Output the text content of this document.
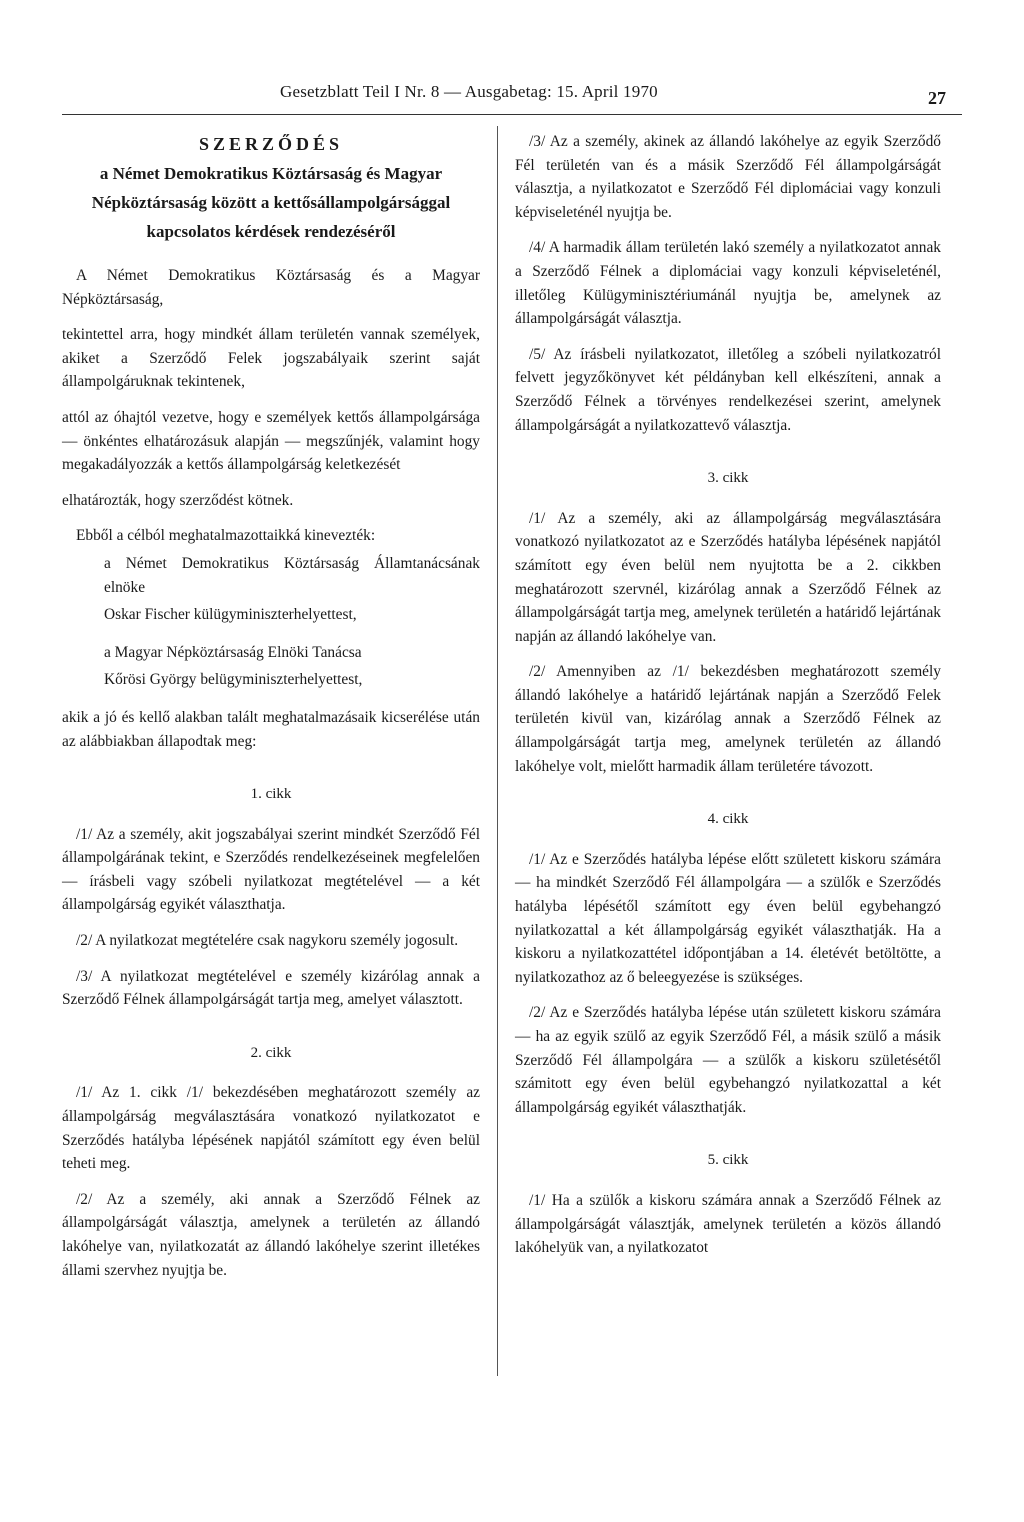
Gesetzblatt Teil I Nr. 8 — Ausgabetag: 15. April 1970	27
SZERZŐDÉS
a Német Demokratikus Köztársaság és Magyar
Népköztársaság között a kettősállampolgársággal
kapcsolatos kérdések rendezéséről

A Német Demokratikus Köztársaság és a Magyar Népköztársaság,

tekintettel arra, hogy mindkét állam területén vannak személyek, akiket a Szerződő Felek jogszabályaik szerint saját állampolgáruknak tekintenek,

attól az óhajtól vezetve, hogy e személyek kettős állampolgársága — önkéntes elhatározásuk alapján — megszűnjék, valamint hogy megakadályozzák a kettős állampolgárság keletkezését

elhatározták, hogy szerződést kötnek.

Ebből a célból meghatalmazottaikká kinevezték:

a Német Demokratikus Köztársaság Államtanácsának elnöke

Oskar Fischer külügyminiszterhelyettest,

a Magyar Népköztársaság Elnöki Tanácsa

Kőrösi György belügyminiszterhelyettest,

akik a jó és kellő alakban talált meghatalmazásaik kicserélése után az alábbiakban állapodtak meg:

1. cikk

/1/ Az a személy, akit jogszabályai szerint mindkét Szerződő Fél állampolgárának tekint, e Szerződés rendelkezéseinek megfelelően — írásbeli vagy szóbeli nyilatkozat megtételével — a két állampolgárság egyikét választhatja.

/2/ A nyilatkozat megtételére csak nagykoru személy jogosult.

/3/ A nyilatkozat megtételével e személy kizárólag annak a Szerződő Félnek állampolgárságát tartja meg, amelyet választott.

2. cikk

/1/ Az 1. cikk /1/ bekezdésében meghatározott személy az állampolgárság megválasztására vonatkozó nyilatkozatot e Szerződés hatályba lépésének napjától számított egy éven belül teheti meg.

/2/ Az a személy, aki annak a Szerződő Félnek az állampolgárságát választja, amelynek a területén az állandó lakóhelye van, nyilatkozatát az állandó lakóhelye szerint illetékes állami szervhez nyujtja be.

/3/ Az a személy, akinek az állandó lakóhelye az egyik Szerződő Fél területén van és a másik Szerződő Fél állampolgárságát választja, a nyilatkozatot e Szerződő Fél diplomáciai vagy konzuli képviseleténél nyujtja be.

/4/ A harmadik állam területén lakó személy a nyilatkozatot annak a Szerződő Félnek a diplomáciai vagy konzuli képviseleténél, illetőleg Külügyminisztériumánál nyujtja be, amelynek az állampolgárságát választja.

/5/ Az írásbeli nyilatkozatot, illetőleg a szóbeli nyilatkozatról felvett jegyzőkönyvet két példányban kell elkészíteni, annak a Szerződő Félnek a törvényes rendelkezései szerint, amelynek állampolgárságát a nyilatkozattevő választja.

3. cikk

/1/ Az a személy, aki az állampolgárság megválasztására vonatkozó nyilatkozatot az e Szerződés hatályba lépésének napjától számított egy éven belül nem nyujtotta be a 2. cikkben meghatározott szervnél, kizárólag annak a Szerződő Félnek az állampolgárságát tartja meg, amelynek területén a határidő lejártának napján az állandó lakóhelye van.

/2/ Amennyiben az /1/ bekezdésben meghatározott személy állandó lakóhelye a határidő lejártának napján a Szerződő Felek területén kivül van, kizárólag annak a Szerződő Félnek az állampolgárságát tartja meg, amelynek területén az állandó lakóhelye volt, mielőtt harmadik állam területére távozott.

4. cikk

/1/ Az e Szerződés hatályba lépése előtt született kiskoru számára — ha mindkét Szerződő Fél állampolgára — a szülők e Szerződés hatályba lépésétől számított egy éven belül egybehangzó nyilatkozattal a két állampolgárság egyikét választhatják. Ha a kiskoru a nyilatkozattétel időpontjában a 14. életévét betöltötte, a nyilatkozathoz az ő beleegyezése is szükséges.

/2/ Az e Szerződés hatályba lépése után született kiskoru számára — ha az egyik szülő az egyik Szerződő Fél, a másik szülő a másik Szerződő Fél állampolgára — a szülők a kiskoru születésétől számitott egy éven belül egybehangzó nyilatkozattal a két állampolgárság egyikét választhatják.

5. cikk

/1/ Ha a szülők a kiskoru számára annak a Szerződő Félnek az állampolgárságát választják, amelynek területén a közös állandó lakóhelyük van, a nyilatkozatot
